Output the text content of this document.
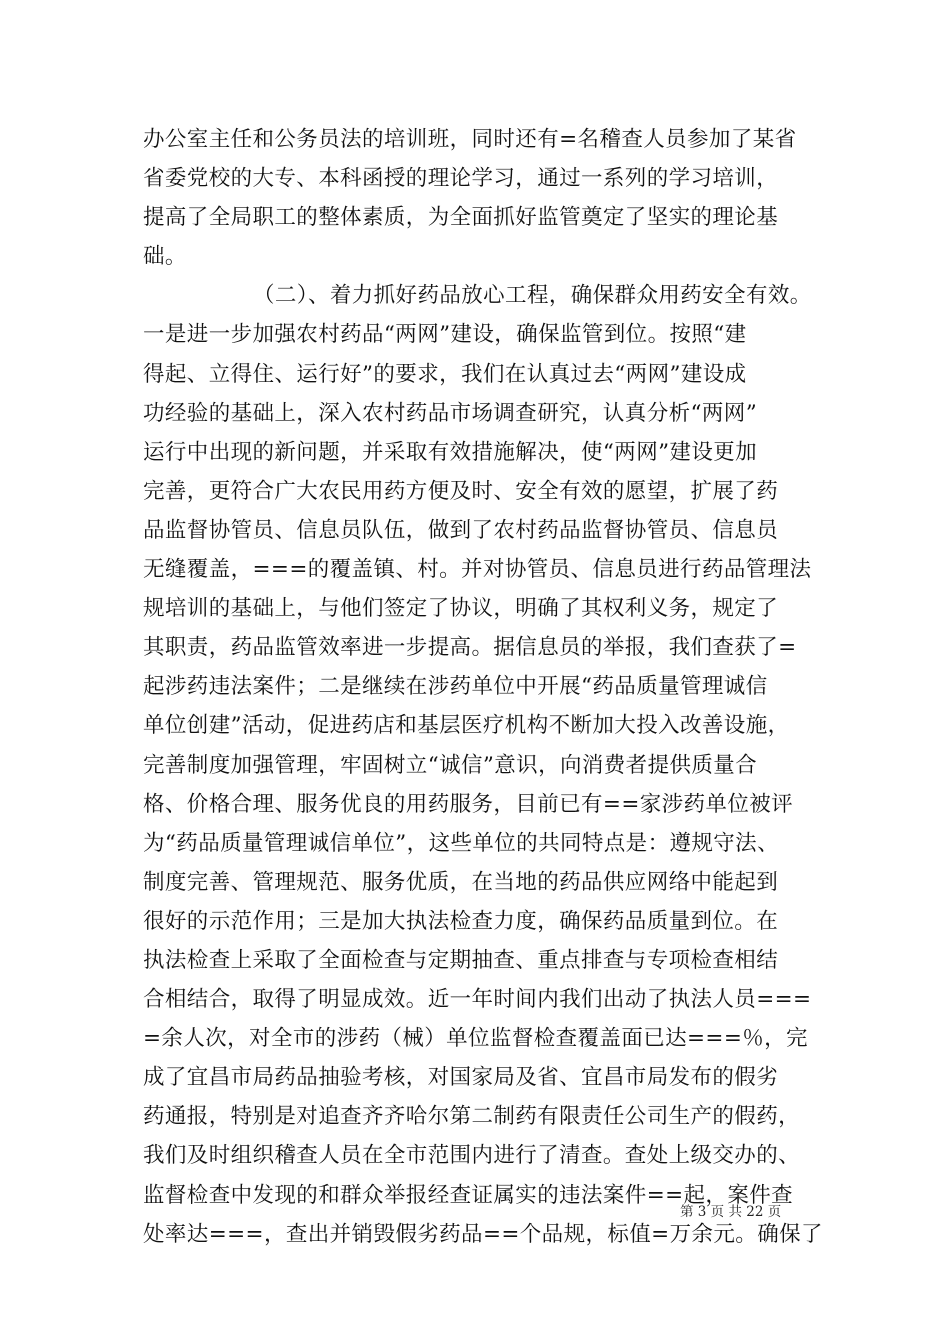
办公室主任和公务员法的培训班，同时还有=名稽查人员参加了某省
省委党校的大专、本科函授的理论学习，通过一系列的学习培训，
提高了全局职工的整体素质，为全面抓好监管奠定了坚实的理论基
础。
（二）、着力抓好药品放心工程，确保群众用药安全有效。
一是进一步加强农村药品“两网”建设，确保监管到位。按照“建
得起、立得住、运行好”的要求，我们在认真过去“两网”建设成
功经验的基础上，深入农村药品市场调查研究，认真分析“两网”
运行中出现的新问题，并采取有效措施解决，使“两网”建设更加
完善，更符合广大农民用药方便及时、安全有效的愿望，扩展了药
品监督协管员、信息员队伍，做到了农村药品监督协管员、信息员
无缝覆盖，===的覆盖镇、村。并对协管员、信息员进行药品管理法
规培训的基础上，与他们签定了协议，明确了其权利义务，规定了
其职责，药品监管效率进一步提高。据信息员的举报，我们查获了=
起涉药违法案件；二是继续在涉药单位中开展“药品质量管理诚信
单位创建”活动，促进药店和基层医疗机构不断加大投入改善设施，
完善制度加强管理，牢固树立“诚信”意识，向消费者提供质量合
格、价格合理、服务优良的用药服务，目前已有==家涉药单位被评
为“药品质量管理诚信单位”，这些单位的共同特点是：遵规守法、
制度完善、管理规范、服务优质，在当地的药品供应网络中能起到
很好的示范作用；三是加大执法检查力度，确保药品质量到位。在
执法检查上采取了全面检查与定期抽查、重点排查与专项检查相结
合相结合，取得了明显成效。近一年时间内我们出动了执法人员===
=余人次，对全市的涉药（械）单位监督检查覆盖面已达===％，完
成了宜昌市局药品抽验考核，对国家局及省、宜昌市局发布的假劣
药通报，特别是对追查齐齐哈尔第二制药有限责任公司生产的假药，
我们及时组织稽查人员在全市范围内进行了清查。查处上级交办的、
监督检查中发现的和群众举报经查证属实的违法案件==起，案件查
处率达===，查出并销毁假劣药品==个品规，标值=万余元。确保了
第 3 页 共 22 页
